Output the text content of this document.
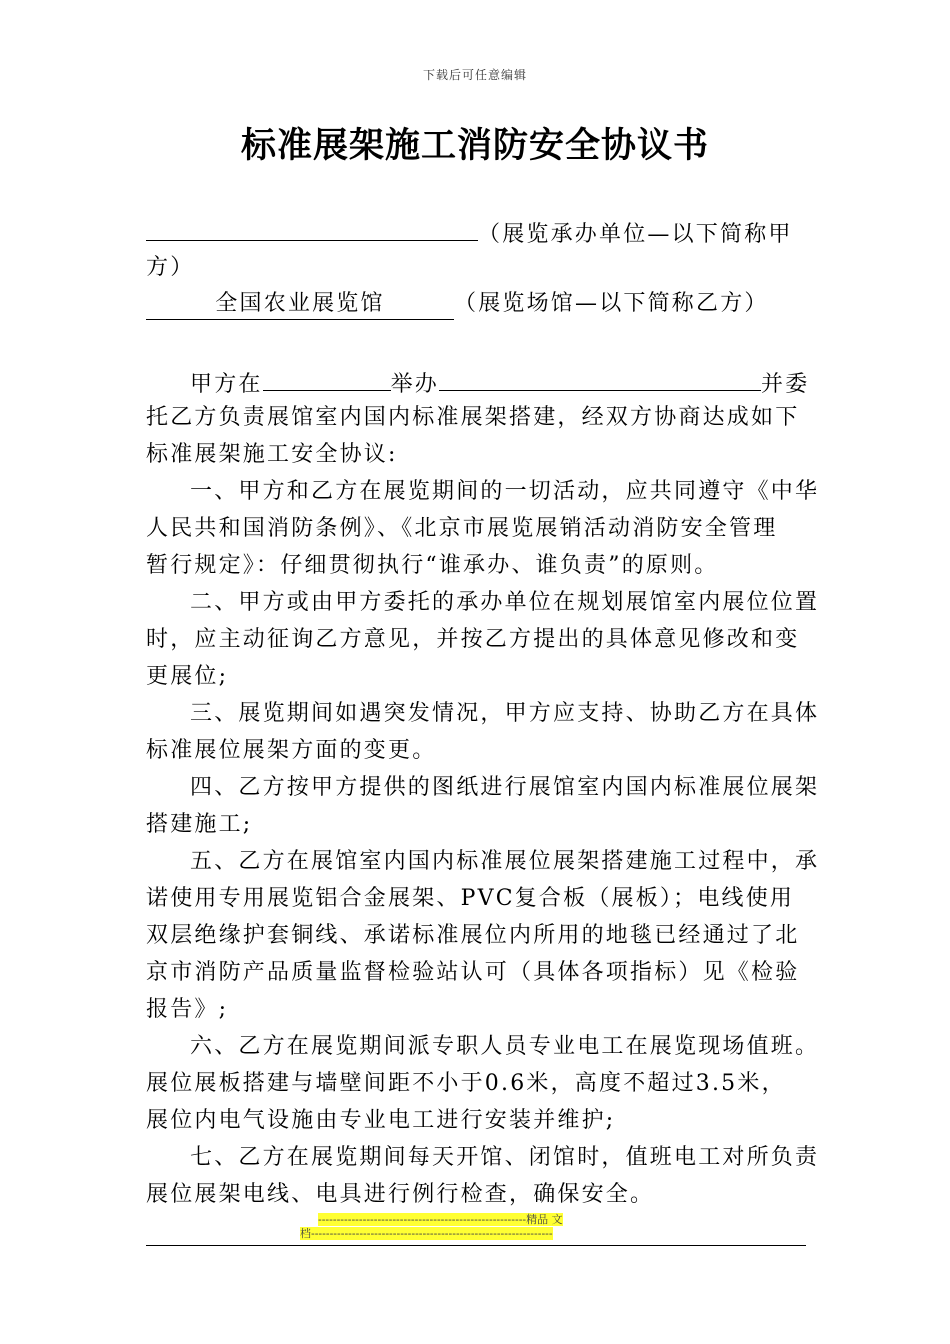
下载后可任意编辑
标准展架施工消防安全协议书
（展览承办单位—以下简称甲
方）
全国农业展览馆	（展览场馆—以下简称乙方）
甲方在	举办	并委
托乙方负责展馆室内国内标准展架搭建，经双方协商达成如下
标准展架施工安全协议:
一、甲方和乙方在展览期间的一切活动，应共同遵守《中华
人民共和国消防条例》、《北京市展览展销活动消防安全管理
暂行规定》：仔细贯彻执行“谁承办、谁负责”的原则。
二、甲方或由甲方委托的承办单位在规划展馆室内展位位置
时，应主动征询乙方意见，并按乙方提出的具体意见修改和变
更展位;
三、展览期间如遇突发情况，甲方应支持、协助乙方在具体
标准展位展架方面的变更。
四、乙方按甲方提供的图纸进行展馆室内国内标准展位展架
搭建施工;
五、乙方在展馆室内国内标准展位展架搭建施工过程中，承
诺使用专用展览铝合金展架、PVC复合板（展板）；电线使用
双层绝缘护套铜线、承诺标准展位内所用的地毯已经通过了北
京市消防产品质量监督检验站认可（具体各项指标）见《检验
报告》;
六、乙方在展览期间派专职人员专业电工在展览现场值班。
展位展板搭建与墙壁间距不小于0.6米，高度不超过3.5米，
展位内电气设施由专业电工进行安装并维护;
七、乙方在展览期间每天开馆、闭馆时，值班电工对所负责
展位展架电线、电具进行例行检查，确保安全。
--------------------------------------------------------精品 文
档-----------------------------------------------------------------
